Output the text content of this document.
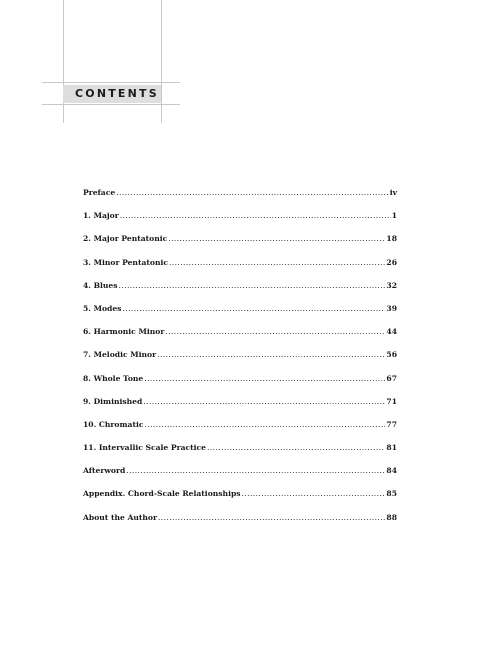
CONTENTS
Preface .....	iv
1. Major .....	1
2. Major Pentatonic .....	18
3. Minor Pentatonic .....	26
4. Blues .....	32
5. Modes .....	39
6. Harmonic Minor .....	44
7. Melodic Minor .....	56
8. Whole Tone .....	67
9. Diminished .....	71
10. Chromatic .....	77
11. Intervallic Scale Practice .....	81
Afterword .....	84
Appendix. Chord-Scale Relationships .....	85
About the Author .....	88
